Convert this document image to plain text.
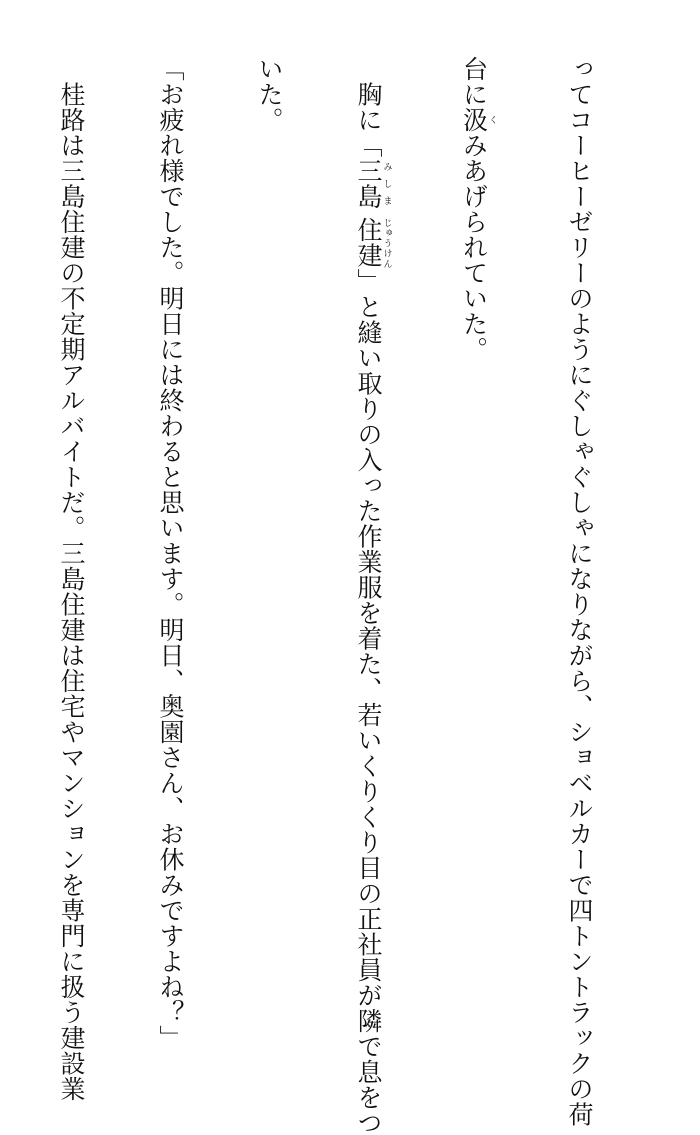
ってコーヒーゼリーのようにぐしゃぐしゃになりながら、ショベルカーで四トントラックの荷

台に汲くみあげられていた。

　胸に「三島みしま 住建じゅうけん」と縫い取りの入った作業服を着た、若いくりくり目の正社員が隣で息をつ

いた。

「お疲れ様でした。明日には終わると思います。明日、奥園さん、お休みですよね？」

　桂路は三島住建の不定期アルバイトだ。三島住建は住宅やマンションを専門に扱う建設業
